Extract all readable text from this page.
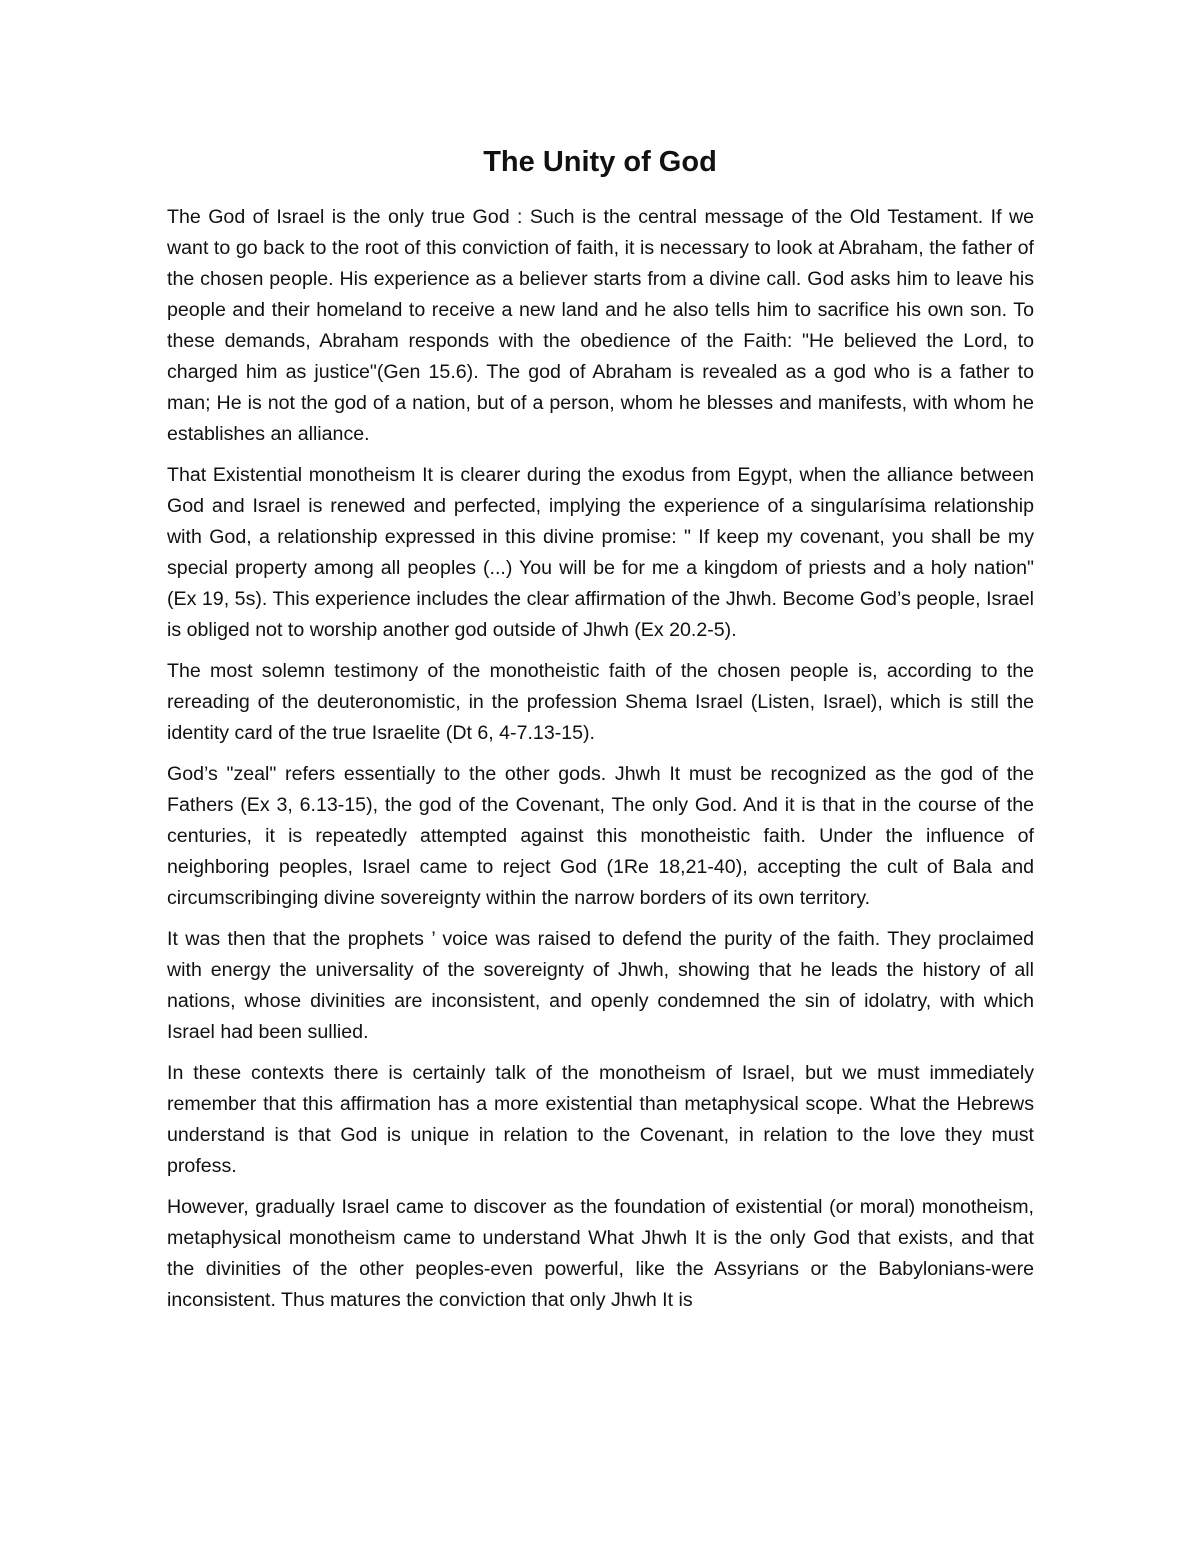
The Unity of God

The God of Israel is the only true God : Such is the central message of the Old Testament. If we want to go back to the root of this conviction of faith, it is necessary to look at Abraham, the father of the chosen people. His experience as a believer starts from a divine call. God asks him to leave his people and their homeland to receive a new land and he also tells him to sacrifice his own son. To these demands, Abraham responds with the obedience of the Faith: "He believed the Lord, to charged him as justice"(Gen 15.6). The god of Abraham is revealed as a god who is a father to man; He is not the god of a nation, but of a person, whom he blesses and manifests, with whom he establishes an alliance.

That Existential monotheism It is clearer during the exodus from Egypt, when the alliance between God and Israel is renewed and perfected, implying the experience of a singularísima relationship with God, a relationship expressed in this divine promise: " If keep my covenant, you shall be my special property among all peoples (...) You will be for me a kingdom of priests and a holy nation"(Ex 19, 5s). This experience includes the clear affirmation of the Jhwh. Become God’s people, Israel is obliged not to worship another god outside of Jhwh (Ex 20.2-5).

The most solemn testimony of the monotheistic faith of the chosen people is, according to the rereading of the deuteronomistic, in the profession Shema Israel (Listen, Israel), which is still the identity card of the true Israelite (Dt 6, 4-7.13-15).

God’s "zeal" refers essentially to the other gods. Jhwh It must be recognized as the god of the Fathers (Ex 3, 6.13-15), the god of the Covenant, The only God. And it is that in the course of the centuries, it is repeatedly attempted against this monotheistic faith. Under the influence of neighboring peoples, Israel came to reject God (1Re 18,21-40), accepting the cult of Bala and circumscribinging divine sovereignty within the narrow borders of its own territory.

It was then that the prophets ’ voice was raised to defend the purity of the faith. They proclaimed with energy the universality of the sovereignty of Jhwh, showing that he leads the history of all nations, whose divinities are inconsistent, and openly condemned the sin of idolatry, with which Israel had been sullied.

In these contexts there is certainly talk of the monotheism of Israel, but we must immediately remember that this affirmation has a more existential than metaphysical scope. What the Hebrews understand is that God is unique in relation to the Covenant, in relation to the love they must profess.

However, gradually Israel came to discover as the foundation of existential (or moral) monotheism, metaphysical monotheism came to understand What Jhwh It is the only God that exists, and that the divinities of the other peoples-even powerful, like the Assyrians or the Babylonians-were inconsistent. Thus matures the conviction that only Jhwh It is
